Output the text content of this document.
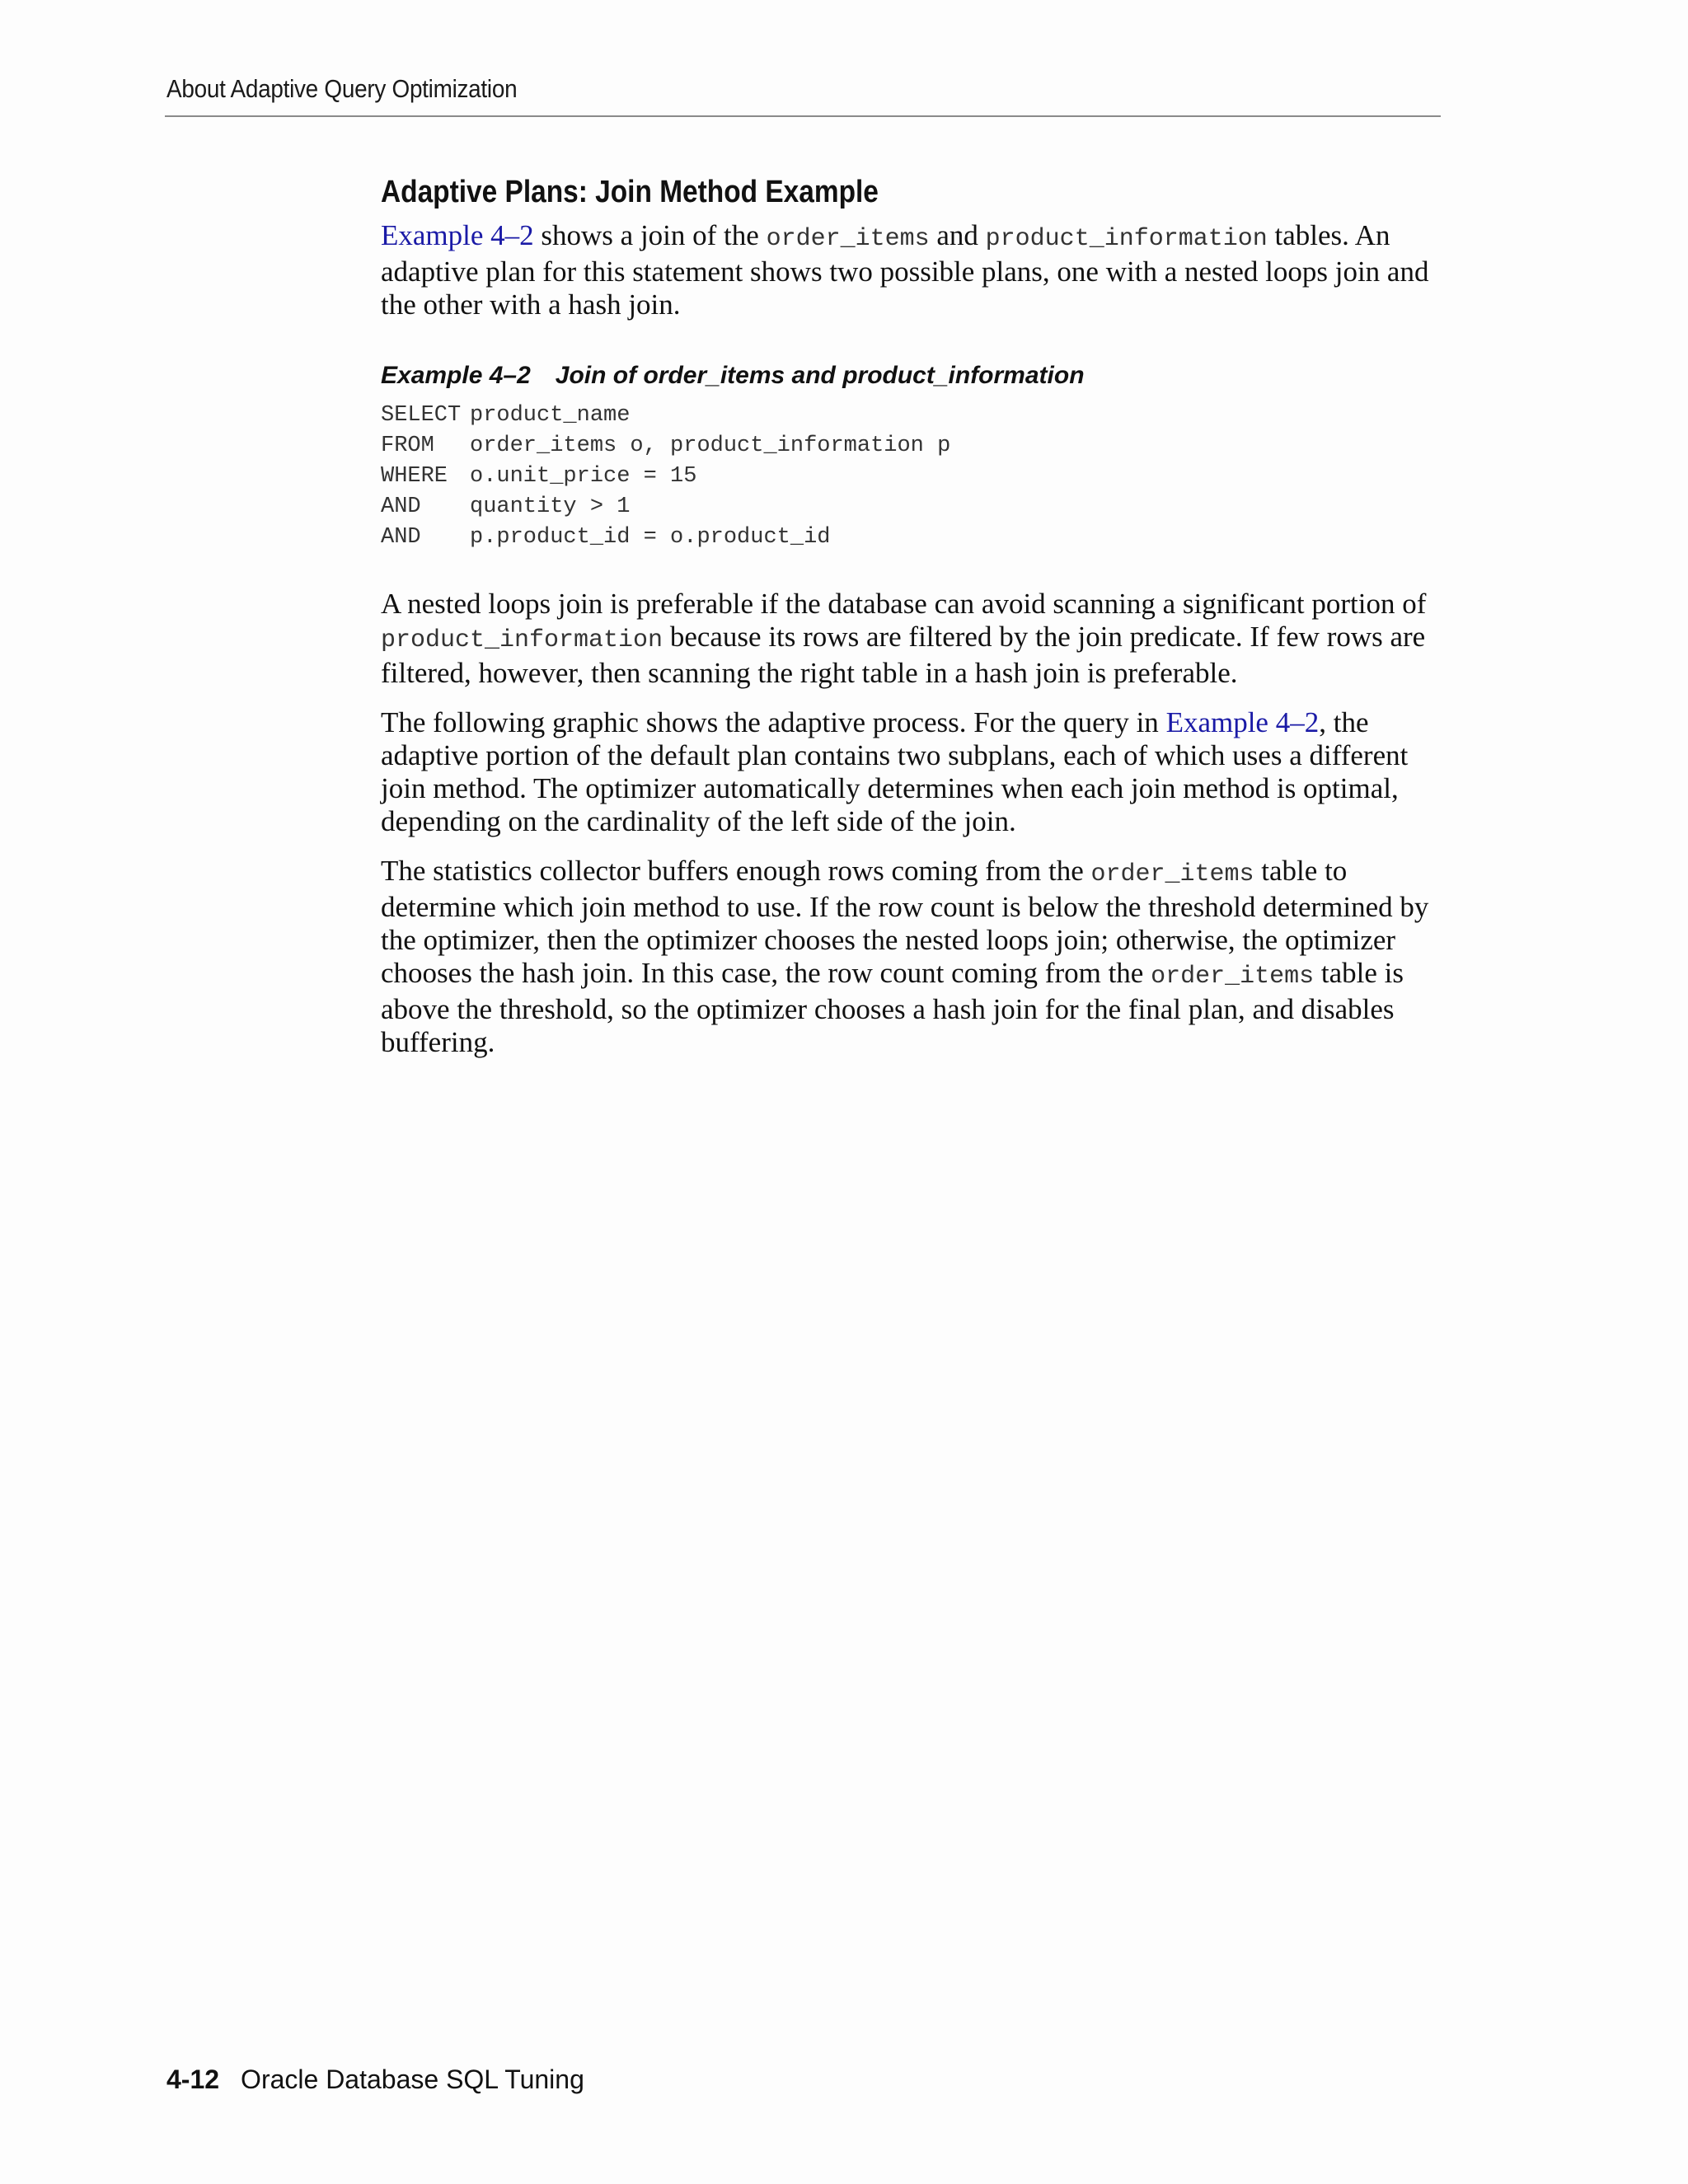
About Adaptive Query Optimization
Adaptive Plans: Join Method Example

Example 4–2 shows a join of the order_items and product_information tables. An adaptive plan for this statement shows two possible plans, one with a nested loops join and the other with a hash join.

Example 4–2 Join of order_items and product_information
SELECT product_name
FROM	order_items o, product_information p
WHERE o.unit_price = 15
AND	quantity > 1
AND	p.product_id = o.product_id

A nested loops join is preferable if the database can avoid scanning a significant portion of product_information because its rows are filtered by the join predicate. If few rows are filtered, however, then scanning the right table in a hash join is preferable.

The following graphic shows the adaptive process. For the query in Example 4–2, the adaptive portion of the default plan contains two subplans, each of which uses a different join method. The optimizer automatically determines when each join method is optimal, depending on the cardinality of the left side of the join.

The statistics collector buffers enough rows coming from the order_items table to determine which join method to use. If the row count is below the threshold determined by the optimizer, then the optimizer chooses the nested loops join; otherwise, the optimizer chooses the hash join. In this case, the row count coming from the order_items table is above the threshold, so the optimizer chooses a hash join for the final plan, and disables buffering.

4-12 Oracle Database SQL Tuning
